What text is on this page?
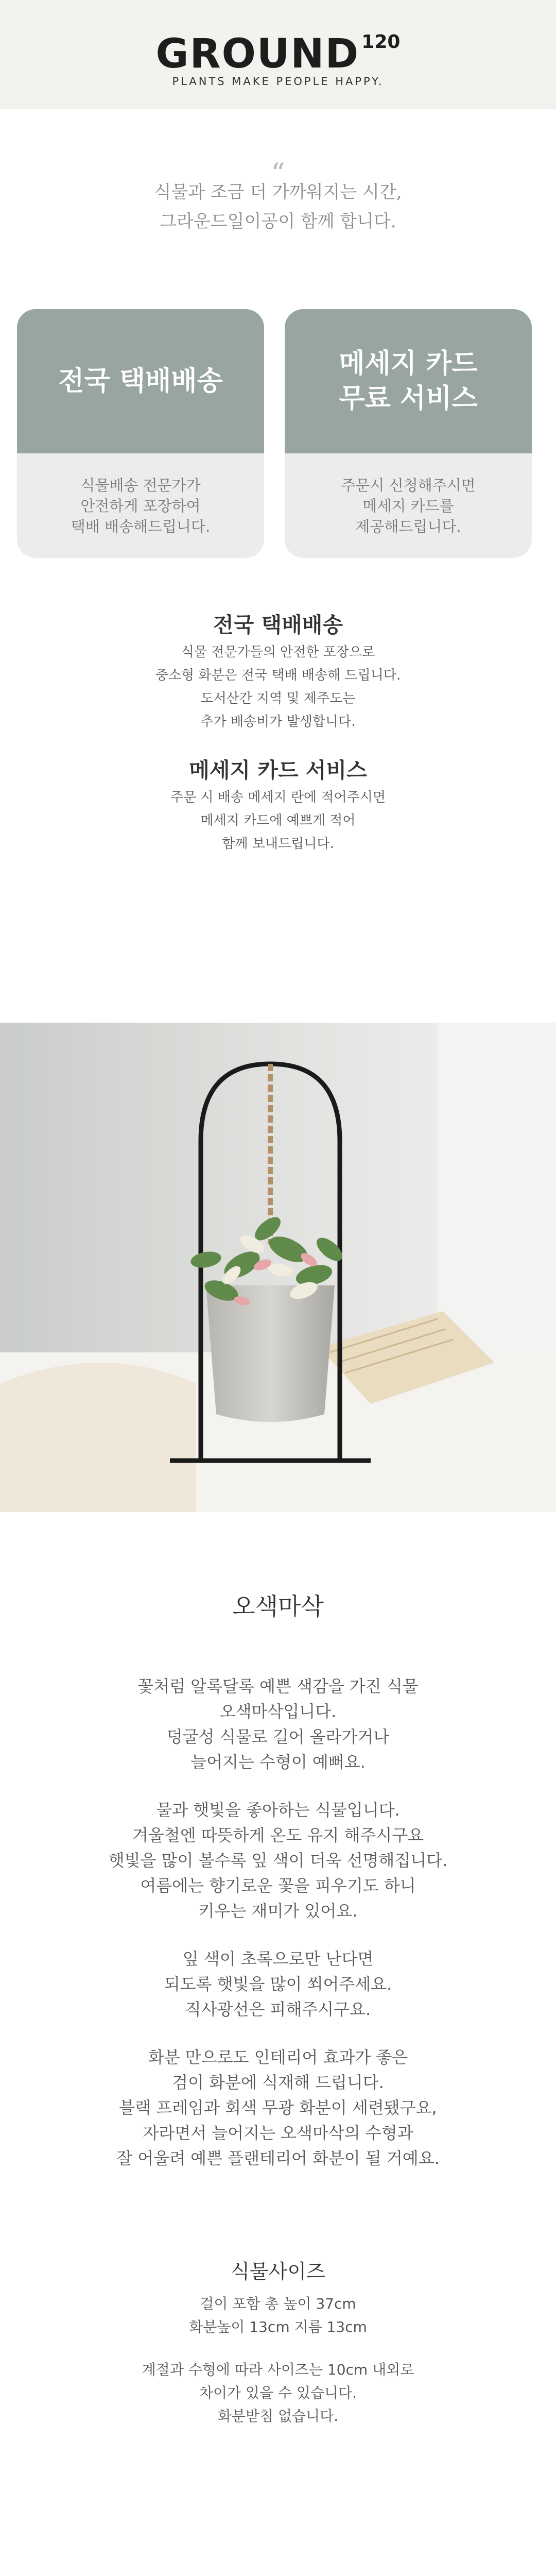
GROUND 120
PLANTS MAKE PEOPLE HAPPY.
“
식물과 조금 더 가까워지는 시간,
그라운드일이공이 함께 합니다.
전국 택배배송
식물배송 전문가가
안전하게 포장하여
택배 배송해드립니다.
메세지 카드
무료 서비스
주문시 신청해주시면
메세지 카드를
제공해드립니다.
전국 택배배송
식물 전문가들의 안전한 포장으로
중소형 화분은 전국 택배 배송해 드립니다.
도서산간 지역 및 제주도는
추가 배송비가 발생합니다.
메세지 카드 서비스
주문 시 배송 메세지 란에 적어주시면
메세지 카드에 예쁘게 적어
함께 보내드립니다.
오색마삭
꽃처럼 알록달록 예쁜 색감을 가진 식물
오색마삭입니다.
덩굴성 식물로 길어 올라가거나
늘어지는 수형이 예뻐요.
물과 햇빛을 좋아하는 식물입니다.
겨울철엔 따뜻하게 온도 유지 해주시구요
햇빛을 많이 볼수록 잎 색이 더욱 선명해집니다.
여름에는 향기로운 꽃을 피우기도 하니
키우는 재미가 있어요.
잎 색이 초록으로만 난다면
되도록 햇빛을 많이 쐬어주세요.
직사광선은 피해주시구요.
화분 만으로도 인테리어 효과가 좋은
검이 화분에 식재해 드립니다.
블랙 프레임과 회색 무광 화분이 세련됐구요,
자라면서 늘어지는 오색마삭의 수형과
잘 어울려 예쁜 플랜테리어 화분이 될 거예요.
식물사이즈
걸이 포함 총 높이 37cm
화분높이 13cm 지름 13cm
계절과 수형에 따라 사이즈는 10cm 내외로
차이가 있을 수 있습니다.
화분받침 없습니다.
